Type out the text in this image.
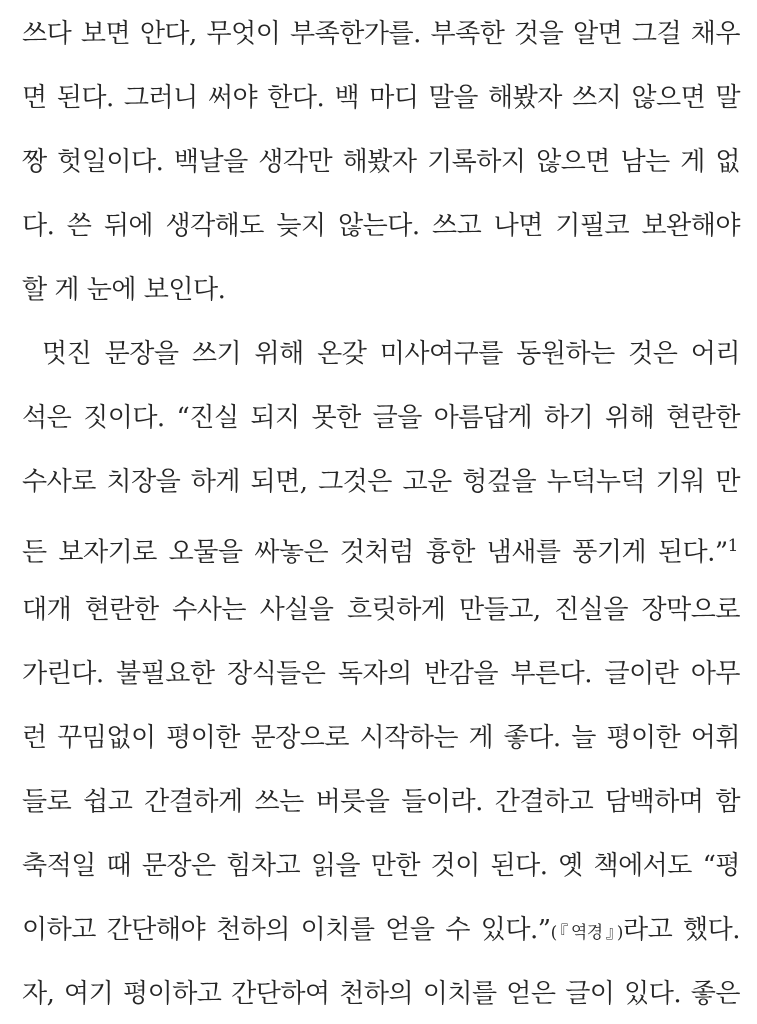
쓰다 보면 안다, 무엇이 부족한가를. 부족한 것을 알면 그걸 채우
면 된다. 그러니 써야 한다. 백 마디 말을 해봤자 쓰지 않으면 말
짱 헛일이다. 백날을 생각만 해봤자 기록하지 않으면 남는 게 없
다. 쓴 뒤에 생각해도 늦지 않는다. 쓰고 나면 기필코 보완해야
할 게 눈에 보인다.
멋진 문장을 쓰기 위해 온갖 미사여구를 동원하는 것은 어리
석은 짓이다. “진실 되지 못한 글을 아름답게 하기 위해 현란한
수사로 치장을 하게 되면, 그것은 고운 헝겊을 누덕누덕 기워 만
든 보자기로 오물을 싸놓은 것처럼 흉한 냄새를 풍기게 된다.”$^1$
대개 현란한 수사는 사실을 흐릿하게 만들고, 진실을 장막으로
가린다. 불필요한 장식들은 독자의 반감을 부른다. 글이란 아무
런 꾸밈없이 평이한 문장으로 시작하는 게 좋다. 늘 평이한 어휘
들로 쉽고 간결하게 쓰는 버릇을 들이라. 간결하고 담백하며 함
축적일 때 문장은 힘차고 읽을 만한 것이 된다. 옛 책에서도 “평
이하고 간단해야 천하의 이치를 얻을 수 있다.”(『역경』)라고 했다.
자, 여기 평이하고 간단하여 천하의 이치를 얻은 글이 있다. 좋은
